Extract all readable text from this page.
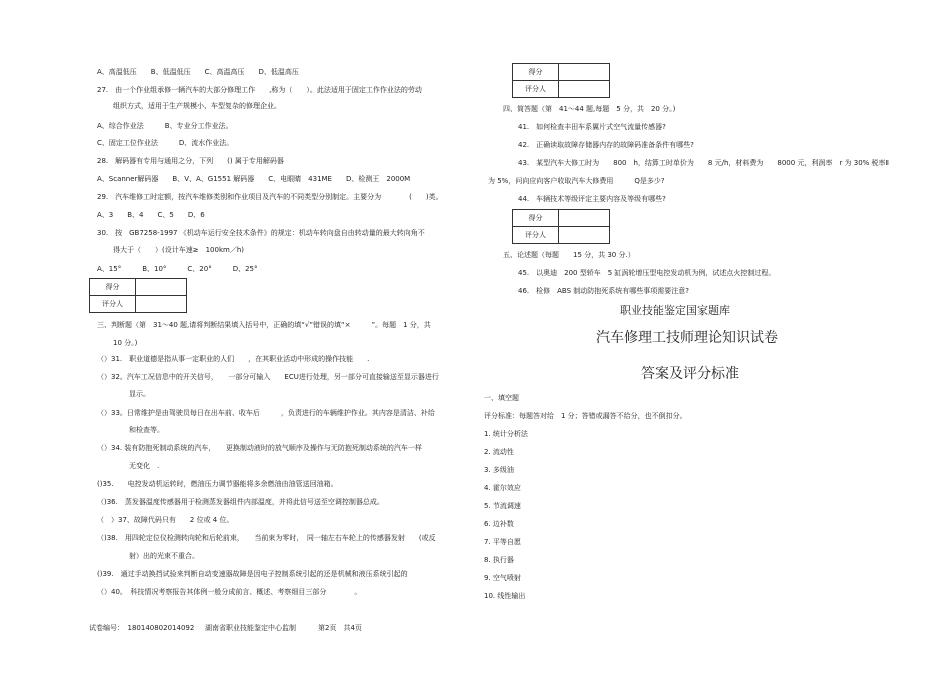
A、高温低压　　B、低温低压　　C、高温高压　　D、低温高压
27.　由一个作业组承修一辆汽车的大部分修理工作　　,称为（　　）。此法适用于固定工作作业法的劳动
组织方式，适用于生产规模小、车型复杂的修理企业。
A、综合作业法　　　B、专业分工作业法。
C、固定工位作业法　　　D、流水作业法。
28.　解码器有专用与通用之分，下列　　() 属于专用解码器
A、Scanner解码器　　B、V、A、G1551 解码器　　C、电眼睛　431ME　　D、检测王　2000M
29.　汽车维修工时定额，按汽车维修类别和作业项目及汽车的不同类型分别制定。主要分为　　　　(　　)类。
A、3　　B、4　　C、5　　D、6
30.　按　GB7258-1997 《机动车运行安全技术条件》的规定：机动车转向盘自由转动量的最大转向角不
得大于（　　）(设计车速≥　100km／h)
A、15°　　　B、10°　　　C、20°　　　D、25°
得分	
评分人	
三、判断题（第　31～40 题,请将判断结果填入括号中，正确的填“√”错误的填“×　　　”。每题　1 分，共
10 分。)
（）31.　职业道德是指从事一定职业的人们　　，在其职业活动中形成的操作技能　　.
（）32。汽车工况信息中的开关信号，　　一部分可输入　　ECU进行处理，另一部分可直接输送至显示器进行
显示。
（）33。日常维护是由驾驶员每日在出车前、收车后　　　，负责进行的车辆维护作业。其内容是清洁、补给
和检查等。
（）34. 装有防抱死制动系统的汽车，　　更换制动液时的放气顺序及操作与无防抱死制动系统的汽车一样
无变化　.
()35.　　电控发动机运转时，燃油压力调节器能将多余燃油由油管送回油箱。
（)36.　蒸发器温度传感器用于检测蒸发器组件内部温度，并将此信号送至空调控制器总成。
（　）37、故障代码只有　　2 位或 4 位。
（)38.　用四轮定位仪检测转向轮和后轮前束，　　当前束为零时，　同一轴左右车轮上的传感器发射　　(或反
射）出的光束不重合。
()39.　通过手动换挡试验来判断自动变速器故障是因电子控制系统引起的还是机械和液压系统引起的
（）40。　科技情况考察报告其体例一般分成前言、概述、考察细目三部分　　　　。
试卷编号：　180140802014092 湖南省职业技能鉴定中心监制	第2页　共4页
得分	
评分人	
四、简答题（第　41～44 题,每题　5 分，共　20 分。)
41.　如何检查丰田车系翼片式空气流量传感器?
42.　正确读取故障存储器内存的故障码准备条件有哪些?
43.　某型汽车大修工时为　　800　h，结算工时单价为　　8 元/h，材料费为　　8000 元，利润率　r 为 30% 税率Ⅱ
为 5%，问向应向客户收取汽车大修费用　　　Q是多少?
44.　车辆技术等级评定主要内容及等级有哪些?
得分	
评分人	
五、论述题（每题　　15 分，共 30 分.）
45.　以奥迪　200 型轿车　5 缸涡轮增压型电控发动机为例，试述点火控制过程。
46.　检修　ABS 制动防抱死系统有哪些事项需要注意?
职业技能鉴定国家题库
汽车修理工技师理论知识试卷
答案及评分标准
一、填空题
评分标准：每题答对给　1 分；答错或漏答不给分，也不倒扣分。
1. 统计分析法
2. 流动性
3. 多级油
4. 霍尔效应
5. 节流调速
6. 边补数
7. 平等自愿
8. 执行器
9. 空气喷射
10. 线性输出
